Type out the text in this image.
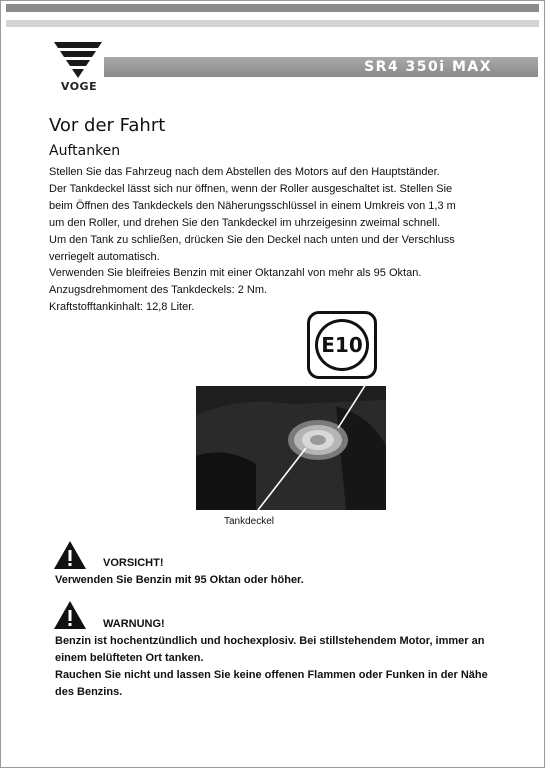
VOGE
SR4 350i MAX
Vor der Fahrt
Auftanken
Stellen Sie das Fahrzeug nach dem Abstellen des Motors auf den Hauptständer.
Der Tankdeckel lässt sich nur öffnen, wenn der Roller ausgeschaltet ist. Stellen Sie
beim Öffnen des Tankdeckels den Näherungsschlüssel in einem Umkreis von 1,3 m
um den Roller, und drehen Sie den Tankdeckel im uhrzeigesinn zweimal schnell.
Um den Tank zu schließen, drücken Sie den Deckel nach unten und der Verschluss
verriegelt automatisch.
Verwenden Sie bleifreies Benzin mit einer Oktanzahl von mehr als 95 Oktan.
Anzugsdrehmoment des Tankdeckels: 2 Nm.
Kraftstofftankinhalt: 12,8 Liter.
E10
Tankdeckel
VORSICHT!
Verwenden Sie Benzin mit 95 Oktan oder höher.
WARNUNG!
Benzin ist hochentzündlich und hochexplosiv. Bei stillstehendem Motor, immer an
einem belüfteten Ort tanken.
Rauchen Sie nicht und lassen Sie keine offenen Flammen oder Funken in der Nähe
des Benzins.
